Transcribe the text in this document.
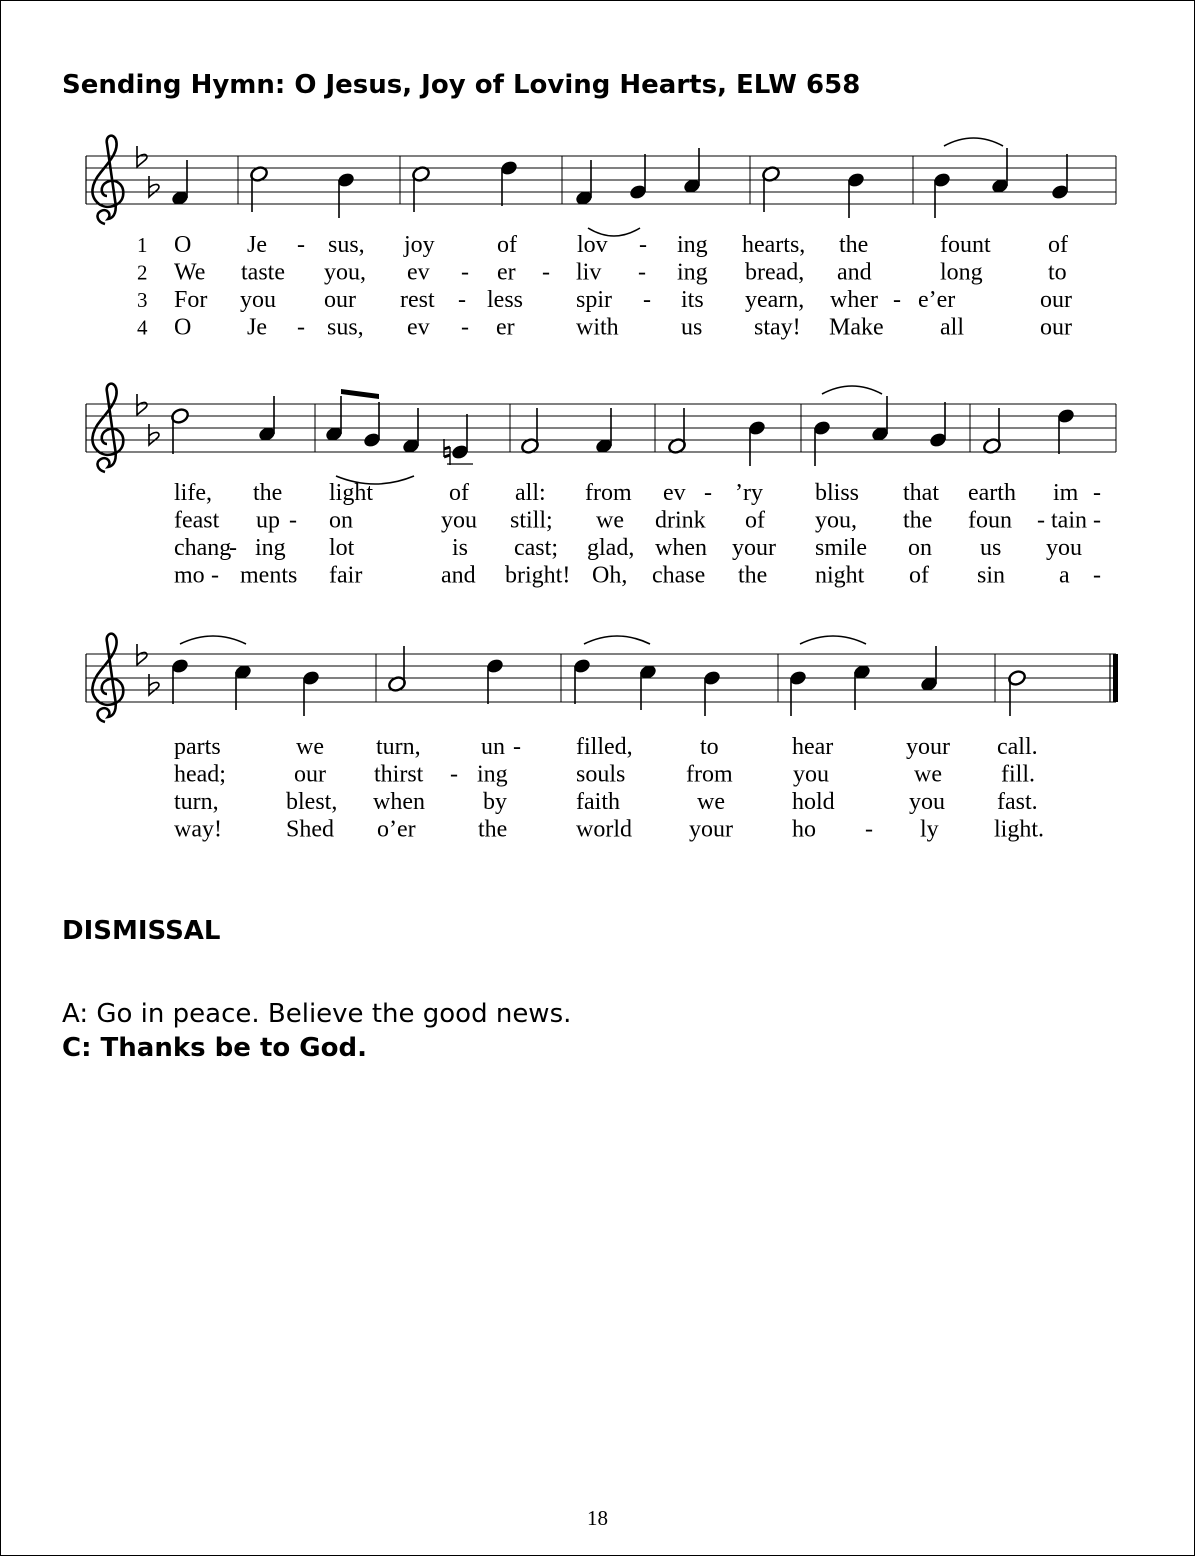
Sending Hymn: O Jesus, Joy of Loving Hearts, ELW 658
1 O Je - sus, joy	of	lov - ing hearts, the	fount of
2 We taste you, ev - er - liv - ing bread, and	long	to
3 For you our rest - less spir - its yearn, wher - e’er	our
4 O Je - sus, ev - er	with	us stay! Make all	our
life, the light	of all: from ev - ’ry bliss that earth im -
feast up - on	you still; we drink of you, the foun - tain -
chang
- ing lot	is cast; glad, when your smile on us you
mo - ments fair	and bright! Oh, chase the night of sin a -
parts	we turn,	un - filled,	to	hear	your call.
head;	our thirst - ing	souls	from	you	we fill.
turn,	blest, when by	faith	we	hold	you fast.
way!	Shed o’er	the	world your ho - ly light.
DISMISSAL
A: Go in peace. Believe the good news.
C: Thanks be to God.
18
